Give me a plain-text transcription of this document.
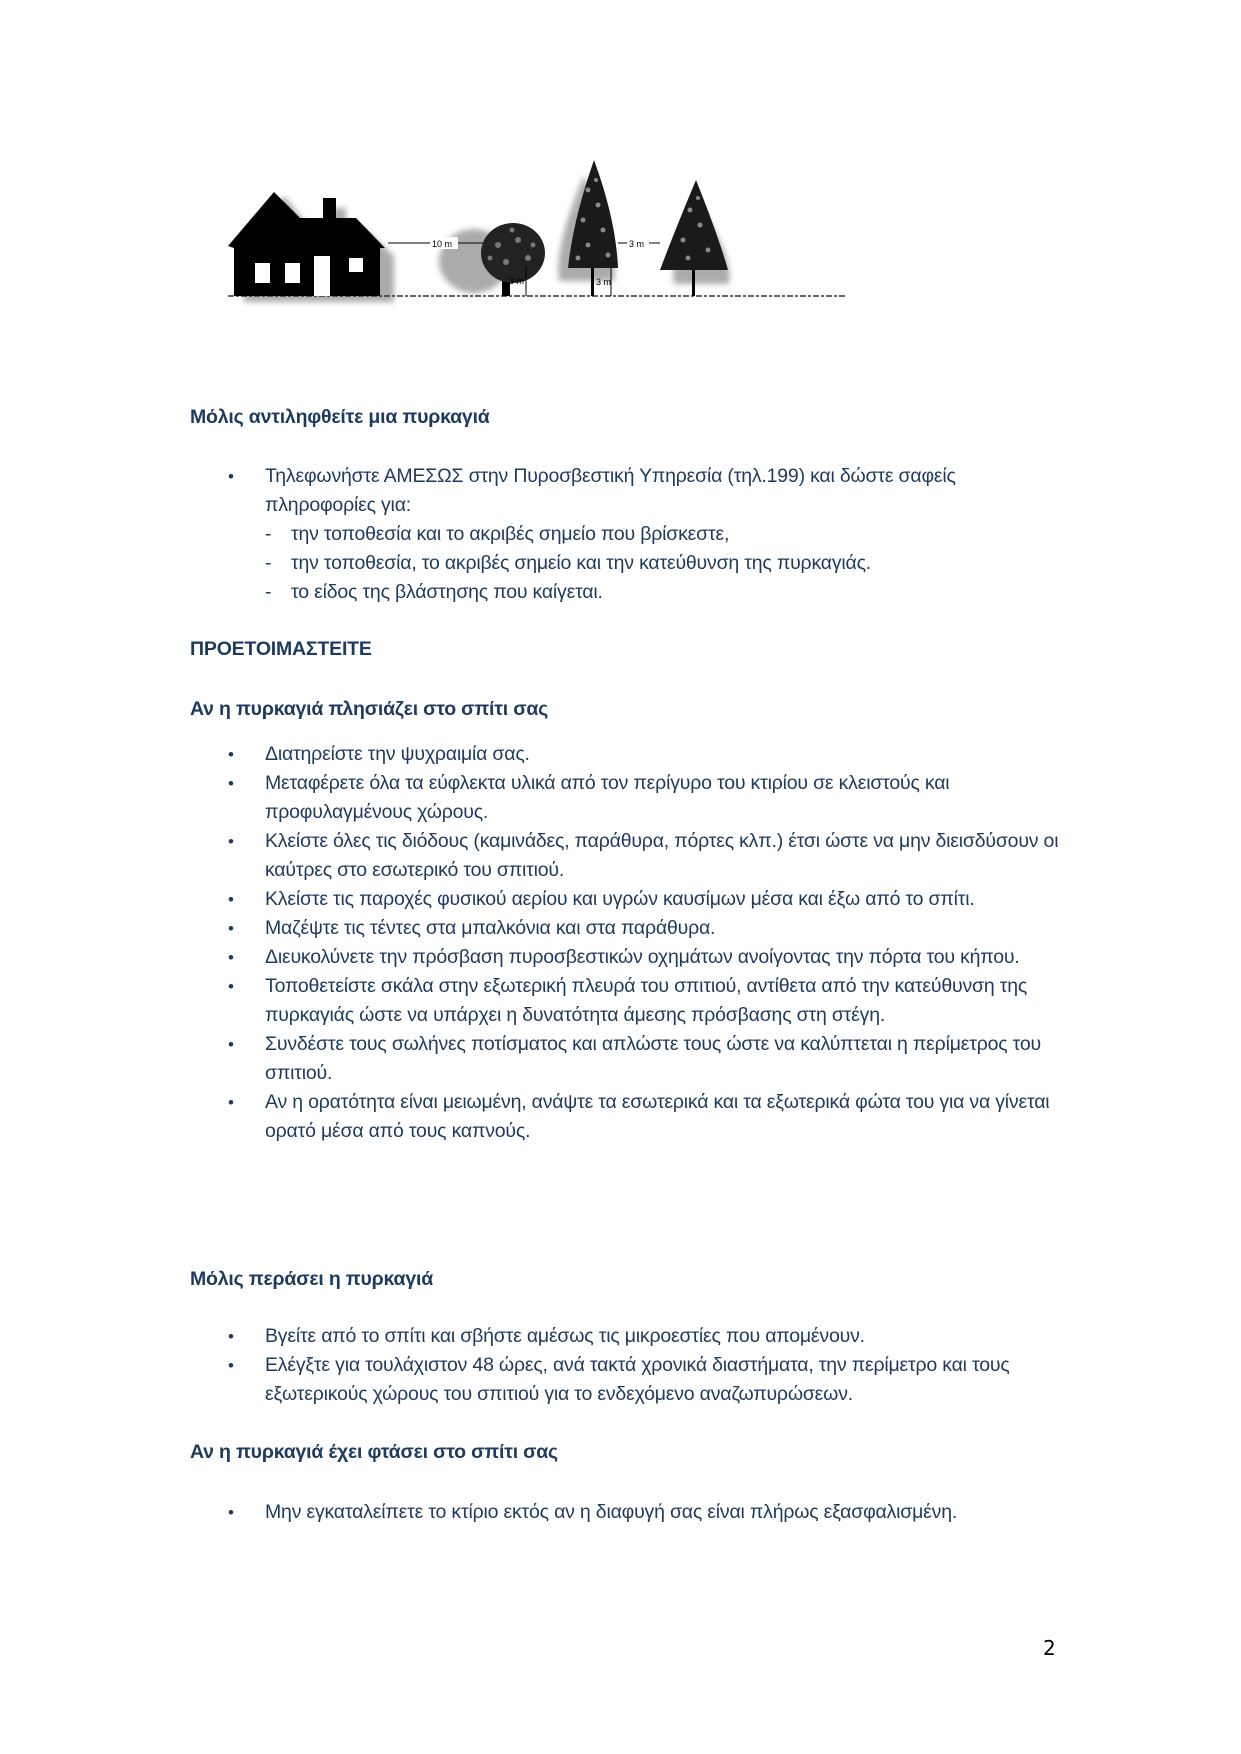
10 m
3 m	3 m
3 m
Μόλις αντιληφθείτε μια πυρκαγιά
• Τηλεφωνήστε ΑΜΕΣΩΣ στην Πυροσβεστική Υπηρεσία (τηλ.199) και δώστε σαφείς πληροφορίες για:
- την τοποθεσία και το ακριβές σημείο που βρίσκεστε,
- την τοποθεσία, το ακριβές σημείο και την κατεύθυνση της πυρκαγιάς.
- το είδος της βλάστησης που καίγεται.
ΠΡΟΕΤΟΙΜΑΣΤΕΙΤΕ
Αν η πυρκαγιά πλησιάζει στο σπίτι σας
• Διατηρείστε την ψυχραιμία σας.
• Μεταφέρετε όλα τα εύφλεκτα υλικά από τον περίγυρο του κτιρίου σε κλειστούς και προφυλαγμένους χώρους.
• Κλείστε όλες τις διόδους (καμινάδες, παράθυρα, πόρτες κλπ.) έτσι ώστε να μην διεισδύσουν οι καύτρες στο εσωτερικό του σπιτιού.
• Κλείστε τις παροχές φυσικού αερίου και υγρών καυσίμων μέσα και έξω από το σπίτι.
• Μαζέψτε τις τέντες στα μπαλκόνια και στα παράθυρα.
• Διευκολύνετε την πρόσβαση πυροσβεστικών οχημάτων ανοίγοντας την πόρτα του κήπου.
• Τοποθετείστε σκάλα στην εξωτερική πλευρά του σπιτιού, αντίθετα από την κατεύθυνση της πυρκαγιάς ώστε να υπάρχει η δυνατότητα άμεσης πρόσβασης στη στέγη.
• Συνδέστε τους σωλήνες ποτίσματος και απλώστε τους ώστε να καλύπτεται η περίμετρος του σπιτιού.
• Αν η ορατότητα είναι μειωμένη, ανάψτε τα εσωτερικά και τα εξωτερικά φώτα του για να γίνεται ορατό μέσα από τους καπνούς.
Μόλις περάσει η πυρκαγιά
• Βγείτε από το σπίτι και σβήστε αμέσως τις μικροεστίες που απομένουν.
• Ελέγξτε για τουλάχιστον 48 ώρες, ανά τακτά χρονικά διαστήματα, την περίμετρο και τους εξωτερικούς χώρους του σπιτιού για το ενδεχόμενο αναζωπυρώσεων.
Αν η πυρκαγιά έχει φτάσει στο σπίτι σας
• Μην εγκαταλείπετε το κτίριο εκτός αν η διαφυγή σας είναι πλήρως εξασφαλισμένη.
2
